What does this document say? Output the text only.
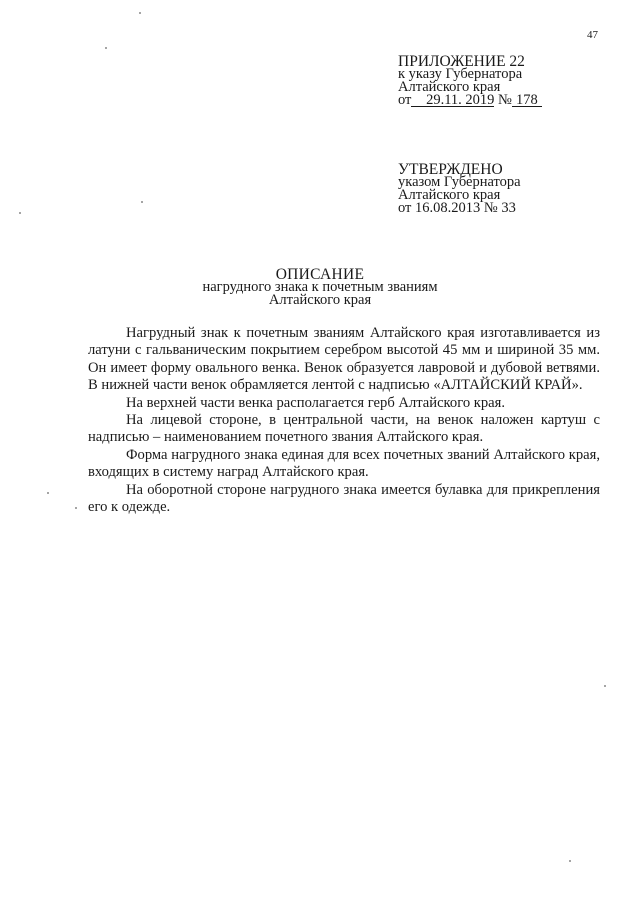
47
ПРИЛОЖЕНИЕ 22
к указу Губернатора
Алтайского края
от 29.11. 2019 № 178
УТВЕРЖДЕНО
указом Губернатора
Алтайского края
от 16.08.2013 № 33
ОПИСАНИЕ
нагрудного знака к почетным званиям
Алтайского края

Нагрудный знак к почетным званиям Алтайского края изготавливается из латуни с гальваническим покрытием серебром высотой 45 мм и шириной 35 мм. Он имеет форму овального венка. Венок образуется лавровой и дубовой ветвями. В нижней части венок обрамляется лентой с надписью «АЛТАЙСКИЙ КРАЙ».

На верхней части венка располагается герб Алтайского края.

На лицевой стороне, в центральной части, на венок наложен картуш с надписью – наименованием почетного звания Алтайского края.

Форма нагрудного знака единая для всех почетных званий Алтайского края, входящих в систему наград Алтайского края.

На оборотной стороне нагрудного знака имеется булавка для прикрепления его к одежде.
